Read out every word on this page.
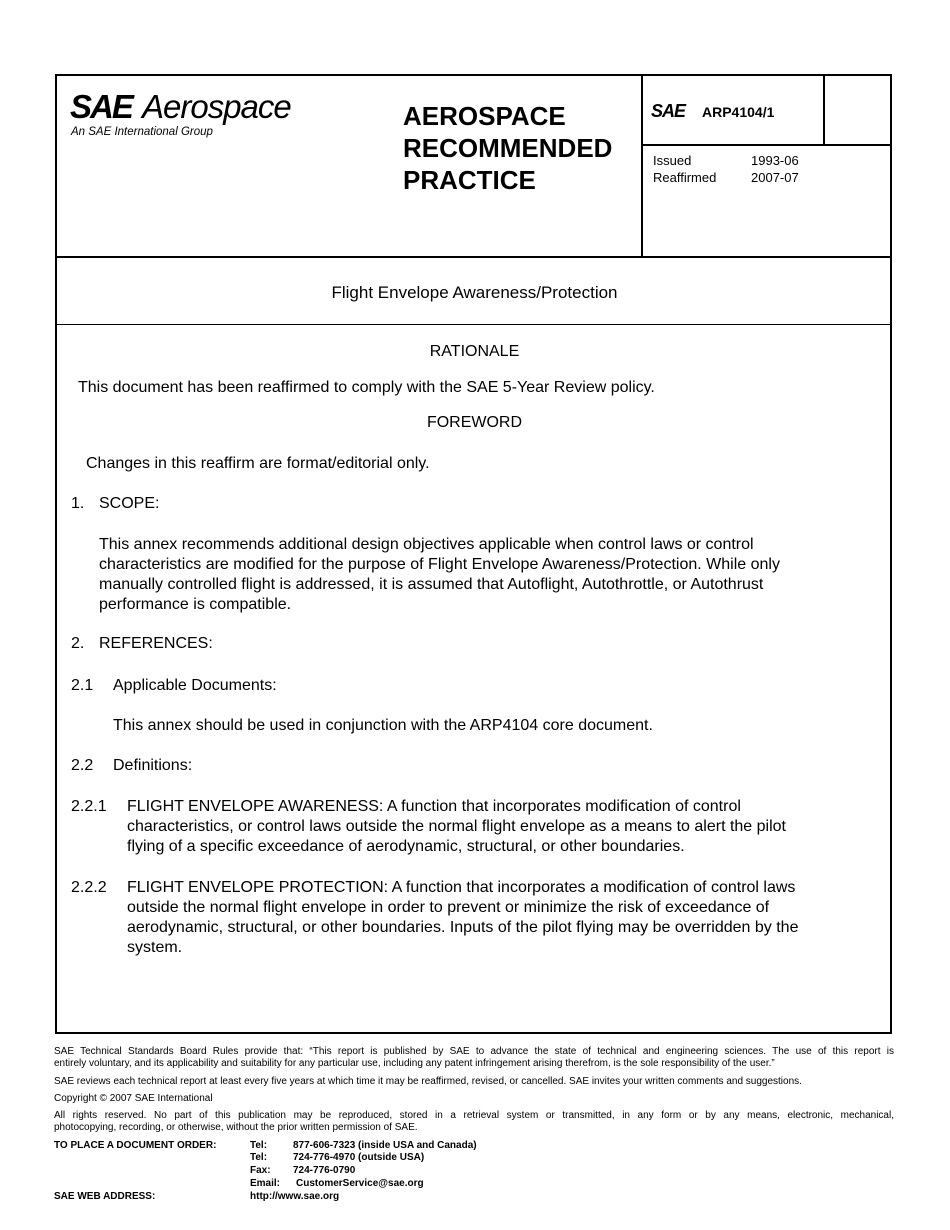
SAE Aerospace
An SAE International Group
AEROSPACE
RECOMMENDED
PRACTICE
SAE ARP4104/1
Issued	1993-06
Reaffirmed	2007-07
Flight Envelope Awareness/Protection
RATIONALE
This document has been reaffirmed to comply with the SAE 5-Year Review policy.
FOREWORD
Changes in this reaffirm are format/editorial only.
1. SCOPE:
This annex recommends additional design objectives applicable when control laws or control
characteristics are modified for the purpose of Flight Envelope Awareness/Protection. While only
manually controlled flight is addressed, it is assumed that Autoflight, Autothrottle, or Autothrust
performance is compatible.
2. REFERENCES:
2.1 Applicable Documents:
This annex should be used in conjunction with the ARP4104 core document.
2.2 Definitions:
2.2.1 FLIGHT ENVELOPE AWARENESS: A function that incorporates modification of control
characteristics, or control laws outside the normal flight envelope as a means to alert the pilot
flying of a specific exceedance of aerodynamic, structural, or other boundaries.
2.2.2 FLIGHT ENVELOPE PROTECTION: A function that incorporates a modification of control laws
outside the normal flight envelope in order to prevent or minimize the risk of exceedance of
aerodynamic, structural, or other boundaries. Inputs of the pilot flying may be overridden by the
system.
SAE Technical Standards Board Rules provide that: “This report is published by SAE to advance the state of technical and engineering sciences. The use of this report is
entirely voluntary, and its applicability and suitability for any particular use, including any patent infringement arising therefrom, is the sole responsibility of the user.”
SAE reviews each technical report at least every five years at which time it may be reaffirmed, revised, or cancelled. SAE invites your written comments and suggestions.
Copyright © 2007 SAE International
All rights reserved. No part of this publication may be reproduced, stored in a retrieval system or transmitted, in any form or by any means, electronic, mechanical,
photocopying, recording, or otherwise, without the prior written permission of SAE.
TO PLACE A DOCUMENT ORDER:	Tel:	877-606-7323 (inside USA and Canada)
Tel:	724-776-4970 (outside USA)
Fax: 724-776-0790
Email: CustomerService@sae.org
SAE WEB ADDRESS:	http://www.sae.org
